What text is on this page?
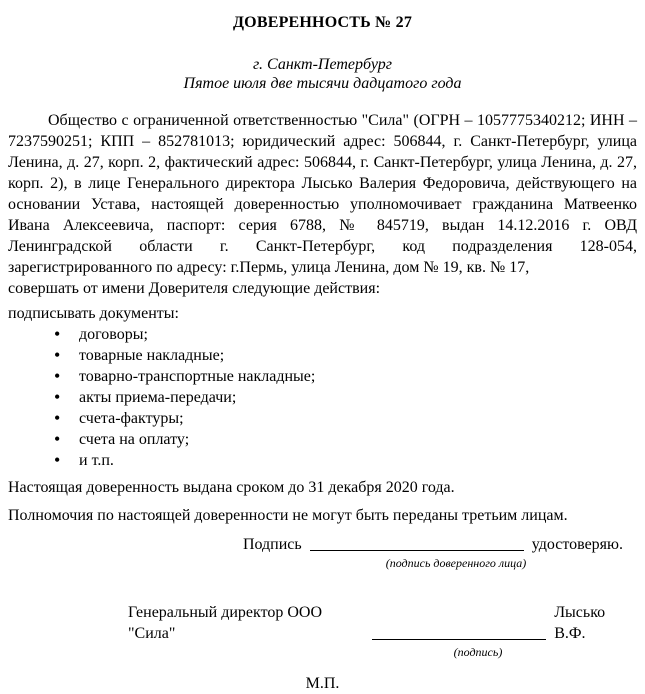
ДОВЕРЕННОСТЬ № 27
г. Санкт-Петербург
Пятое июля две тысячи дадцатого года

Общество с ограниченной ответственностью "Сила" (ОГРН – 1057775340212; ИНН – 7237590251; КПП – 852781013; юридический адрес: 506844, г. Санкт-Петербург, улица Ленина, д. 27, корп. 2, фактический адрес: 506844, г. Санкт-Петербург, улица Ленина, д. 27, корп. 2), в лице Генерального директора Лысько Валерия Федоровича, действующего на основании Устава, настоящей доверенностью уполномочивает гражданина Матвеенко Ивана Алексеевича, паспорт: серия 6788, № 845719, выдан 14.12.2016 г. ОВД Ленинградской области г. Санкт-Петербург, код подразделения 128-054, зарегистрированного по адресу: г.Пермь, улица Ленина, дом № 19, кв. № 17,

совершать от имени Доверителя следующие действия:
подписывать документы:
• договоры;
• товарные накладные;
• товарно-транспортные накладные;
• акты приема-передачи;
• счета-фактуры;
• счета на оплату;
• и т.п.
Настоящая доверенность выдана сроком до 31 декабря 2020 года.
Полномочия по настоящей доверенности не могут быть переданы третьим лицам.
Подпись	удостоверяю.
(подпись доверенного лица)
Генеральный директор ООО "Сила"
Лысько В.Ф.
(подпись)
М.П.
